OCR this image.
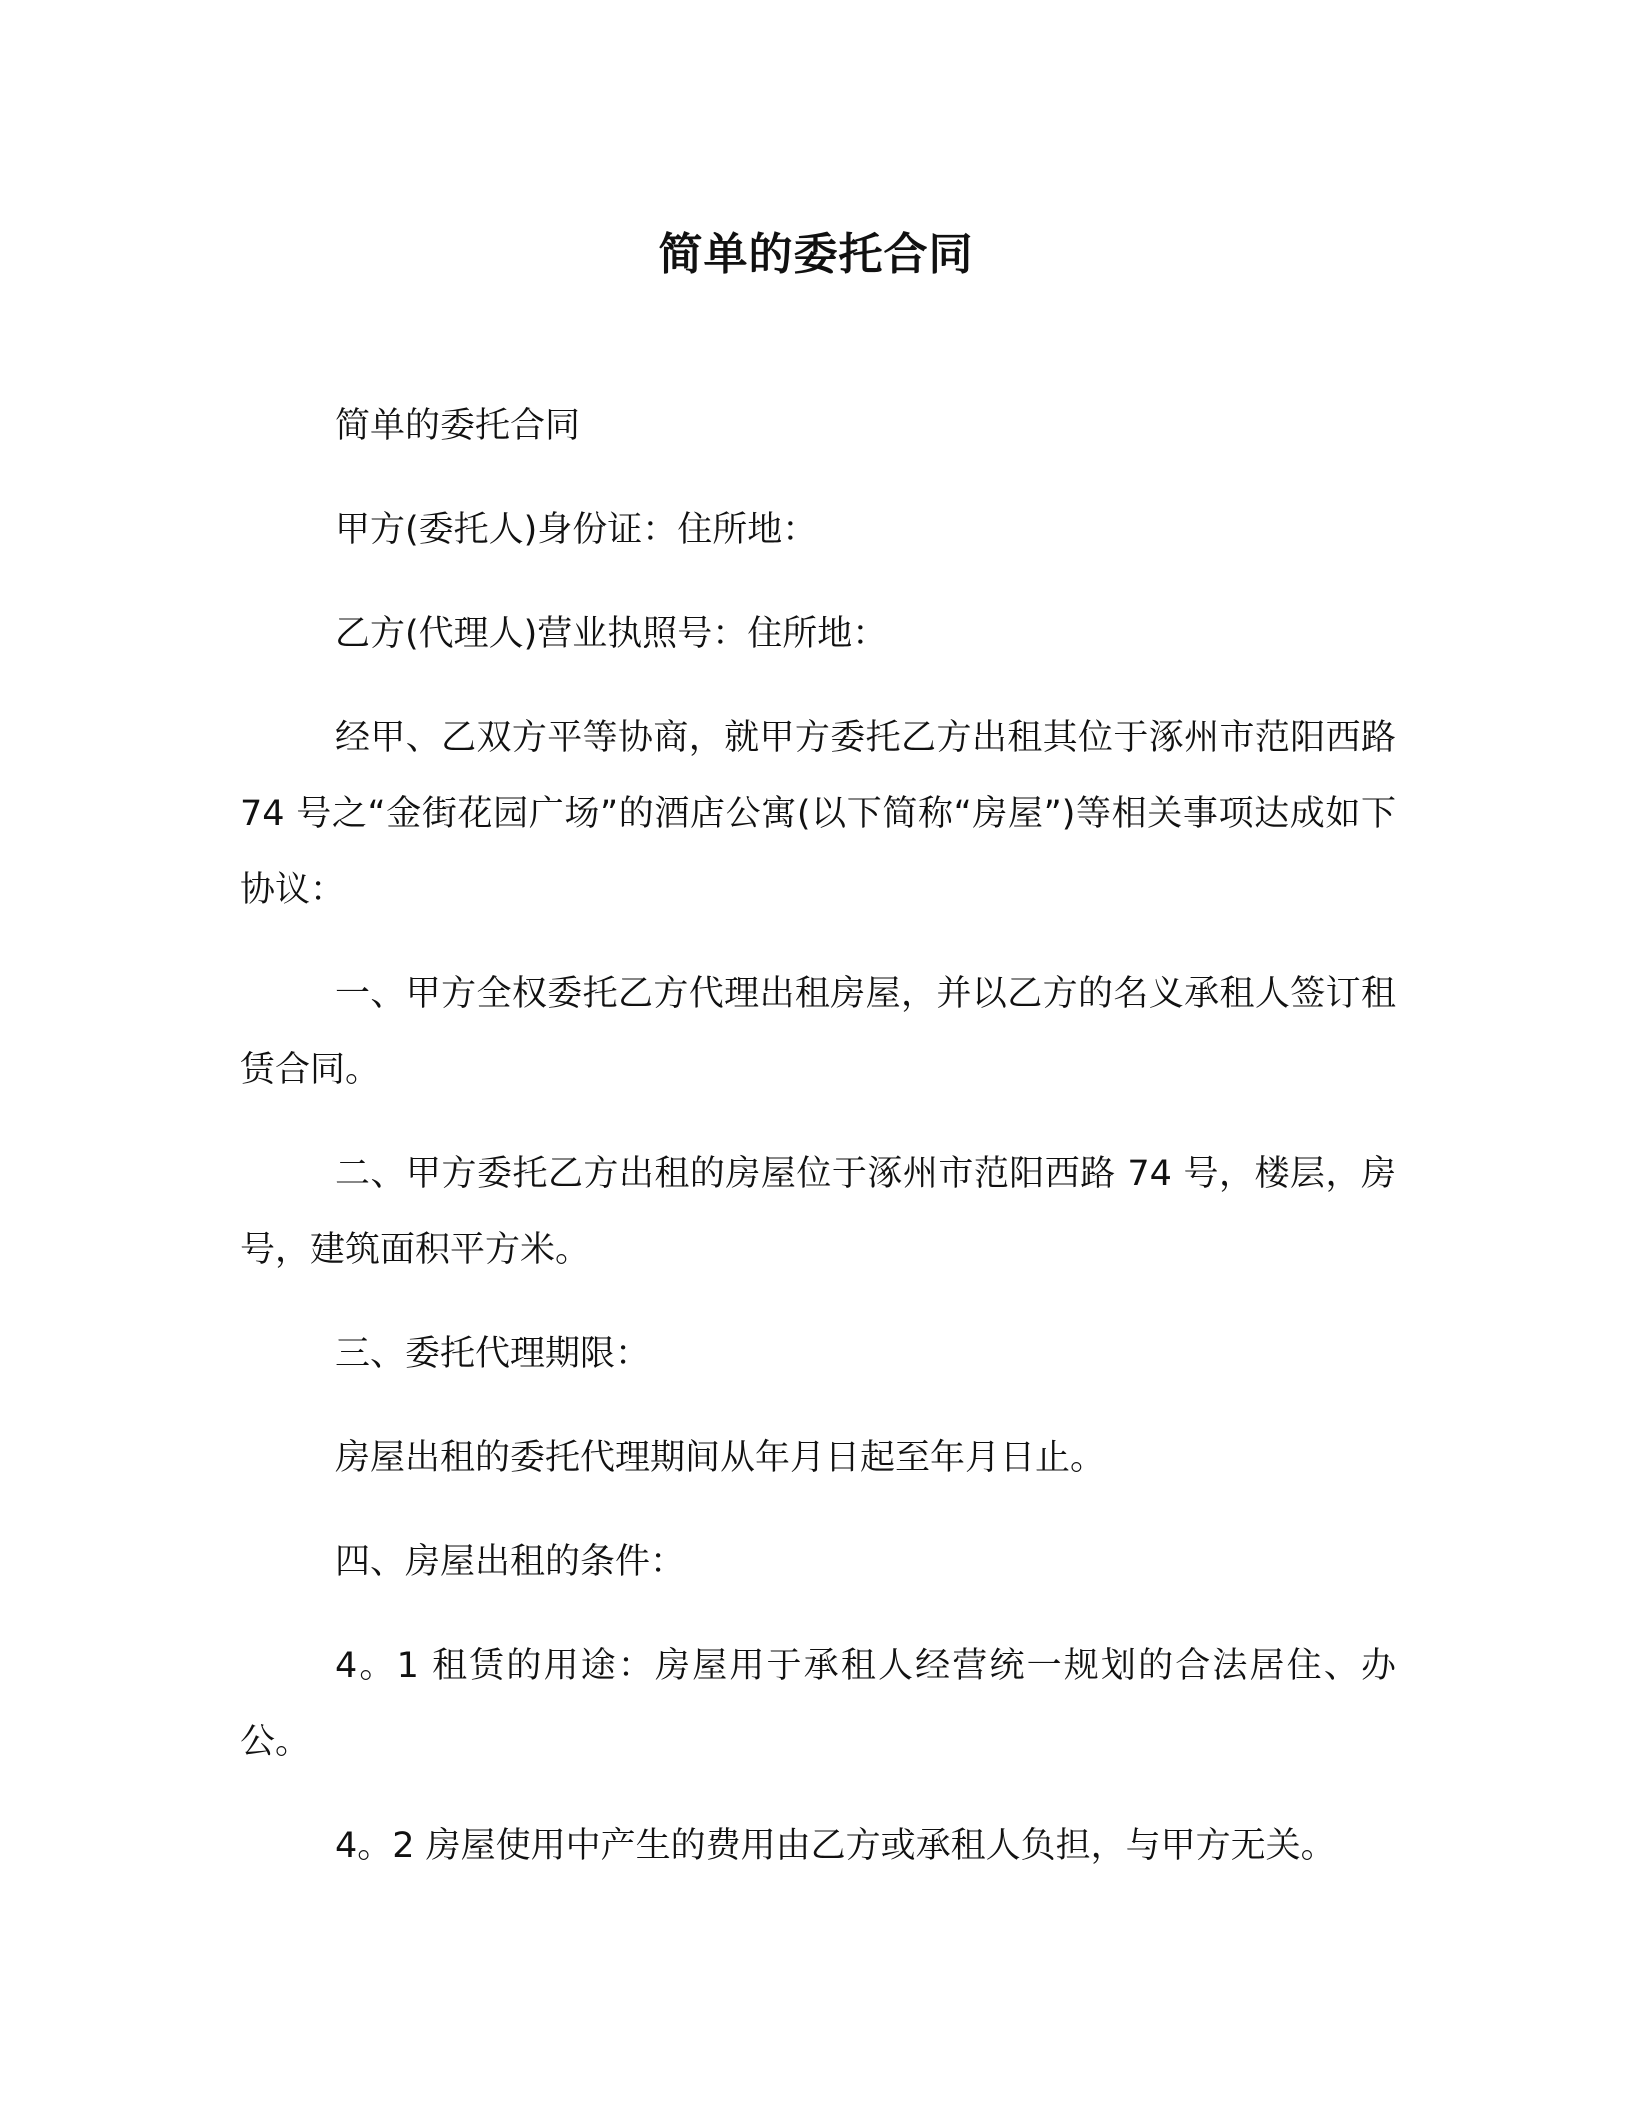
简单的委托合同

简单的委托合同

甲方(委托人)身份证：住所地：

乙方(代理人)营业执照号：住所地：

经甲、乙双方平等协商，就甲方委托乙方出租其位于涿州市范阳西路 74 号之“金街花园广场”的酒店公寓(以下简称“房屋”)等相关事项达成如下协议：

一、甲方全权委托乙方代理出租房屋，并以乙方的名义承租人签订租赁合同。

二、甲方委托乙方出租的房屋位于涿州市范阳西路 74 号，楼层，房号，建筑面积平方米。

三、委托代理期限：

房屋出租的委托代理期间从年月日起至年月日止。

四、房屋出租的条件：

4。1 租赁的用途：房屋用于承租人经营统一规划的合法居住、办公。

4。2 房屋使用中产生的费用由乙方或承租人负担，与甲方无关。
